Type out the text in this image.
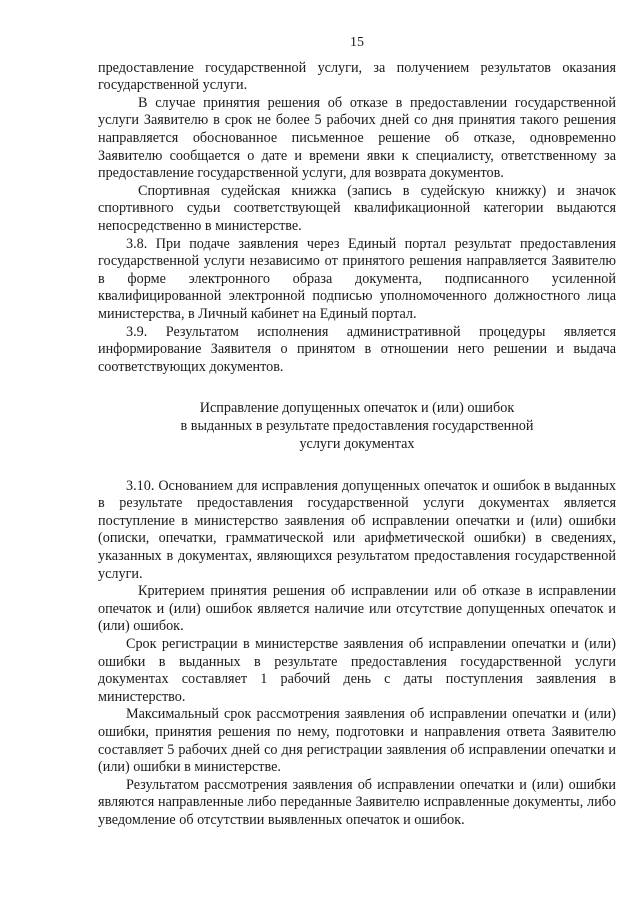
15

предоставление государственной услуги, за получением результатов оказания государственной услуги.

В случае принятия решения об отказе в предоставлении государственной услуги Заявителю в срок не более 5 рабочих дней со дня принятия такого решения направляется обоснованное письменное решение об отказе, одновременно Заявителю сообщается о дате и времени явки к специалисту, ответственному за предоставление государственной услуги, для возврата документов.

Спортивная судейская книжка (запись в судейскую книжку) и значок спортивного судьи соответствующей квалификационной категории выдаются непосредственно в министерстве.

3.8. При подаче заявления через Единый портал результат предоставления государственной услуги независимо от принятого решения направляется Заявителю в форме электронного образа документа, подписанного усиленной квалифицированной электронной подписью уполномоченного должностного лица министерства, в Личный кабинет на Единый портал.

3.9. Результатом исполнения административной процедуры является информирование Заявителя о принятом в отношении него решении и выдача соответствующих документов.

Исправление допущенных опечаток и (или) ошибок
в выданных в результате предоставления государственной
услуги документах

3.10. Основанием для исправления допущенных опечаток и ошибок в выданных в результате предоставления государственной услуги документах является поступление в министерство заявления об исправлении опечатки и (или) ошибки (описки, опечатки, грамматической или арифметической ошибки) в сведениях, указанных в документах, являющихся результатом предоставления государственной услуги.

Критерием принятия решения об исправлении или об отказе в исправлении опечаток и (или) ошибок является наличие или отсутствие допущенных опечаток и (или) ошибок.

Срок регистрации в министерстве заявления об исправлении опечатки и (или) ошибки в выданных в результате предоставления государственной услуги документах составляет 1 рабочий день с даты поступления заявления в министерство.

Максимальный срок рассмотрения заявления об исправлении опечатки и (или) ошибки, принятия решения по нему, подготовки и направления ответа Заявителю составляет 5 рабочих дней со дня регистрации заявления об исправлении опечатки и (или) ошибки в министерстве.

Результатом рассмотрения заявления об исправлении опечатки и (или) ошибки являются направленные либо переданные Заявителю исправленные документы, либо уведомление об отсутствии выявленных опечаток и ошибок.
